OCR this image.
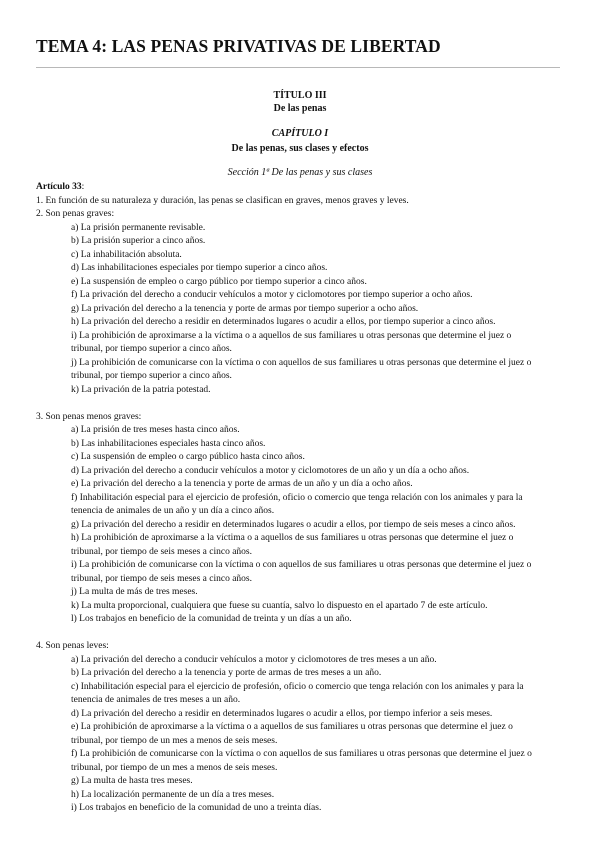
TEMA 4: LAS PENAS PRIVATIVAS DE LIBERTAD
TÍTULO III
De las penas
CAPÍTULO I
De las penas, sus clases y efectos
Sección 1ª De las penas y sus clases
Artículo 33:
1. En función de su naturaleza y duración, las penas se clasifican en graves, menos graves y leves.
2. Son penas graves:
a) La prisión permanente revisable.
b) La prisión superior a cinco años.
c) La inhabilitación absoluta.
d) Las inhabilitaciones especiales por tiempo superior a cinco años.
e) La suspensión de empleo o cargo público por tiempo superior a cinco años.
f) La privación del derecho a conducir vehículos a motor y ciclomotores por tiempo superior a ocho años.
g) La privación del derecho a la tenencia y porte de armas por tiempo superior a ocho años.
h) La privación del derecho a residir en determinados lugares o acudir a ellos, por tiempo superior a cinco años.
i) La prohibición de aproximarse a la víctima o a aquellos de sus familiares u otras personas que determine el juez o
tribunal, por tiempo superior a cinco años.
j) La prohibición de comunicarse con la víctima o con aquellos de sus familiares u otras personas que determine el juez o
tribunal, por tiempo superior a cinco años.
k) La privación de la patria potestad.
3. Son penas menos graves:
a) La prisión de tres meses hasta cinco años.
b) Las inhabilitaciones especiales hasta cinco años.
c) La suspensión de empleo o cargo público hasta cinco años.
d) La privación del derecho a conducir vehículos a motor y ciclomotores de un año y un día a ocho años.
e) La privación del derecho a la tenencia y porte de armas de un año y un día a ocho años.
f) Inhabilitación especial para el ejercicio de profesión, oficio o comercio que tenga relación con los animales y para la
tenencia de animales de un año y un día a cinco años.
g) La privación del derecho a residir en determinados lugares o acudir a ellos, por tiempo de seis meses a cinco años.
h) La prohibición de aproximarse a la víctima o a aquellos de sus familiares u otras personas que determine el juez o
tribunal, por tiempo de seis meses a cinco años.
i) La prohibición de comunicarse con la víctima o con aquellos de sus familiares u otras personas que determine el juez o
tribunal, por tiempo de seis meses a cinco años.
j) La multa de más de tres meses.
k) La multa proporcional, cualquiera que fuese su cuantía, salvo lo dispuesto en el apartado 7 de este artículo.
l) Los trabajos en beneficio de la comunidad de treinta y un días a un año.
4. Son penas leves:
a) La privación del derecho a conducir vehículos a motor y ciclomotores de tres meses a un año.
b) La privación del derecho a la tenencia y porte de armas de tres meses a un año.
c) Inhabilitación especial para el ejercicio de profesión, oficio o comercio que tenga relación con los animales y para la
tenencia de animales de tres meses a un año.
d) La privación del derecho a residir en determinados lugares o acudir a ellos, por tiempo inferior a seis meses.
e) La prohibición de aproximarse a la víctima o a aquellos de sus familiares u otras personas que determine el juez o
tribunal, por tiempo de un mes a menos de seis meses.
f) La prohibición de comunicarse con la víctima o con aquellos de sus familiares u otras personas que determine el juez o
tribunal, por tiempo de un mes a menos de seis meses.
g) La multa de hasta tres meses.
h) La localización permanente de un día a tres meses.
i) Los trabajos en beneficio de la comunidad de uno a treinta días.
